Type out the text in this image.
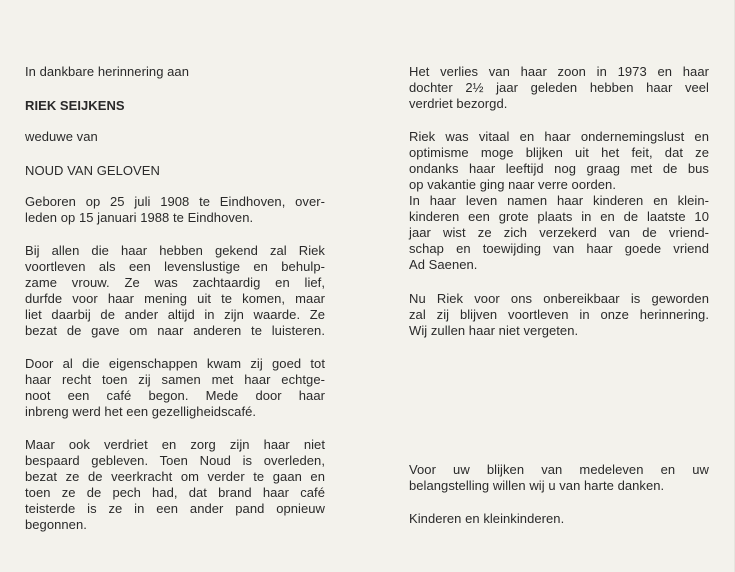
In dankbare herinnering aan
RIEK SEIJKENS
weduwe van
NOUD VAN GELOVEN
Geboren op 25 juli 1908 te Eindhoven, over-
leden op 15 januari 1988 te Eindhoven.
Bij allen die haar hebben gekend zal Riek
voortleven als een levenslustige en behulp-
zame vrouw. Ze was zachtaardig en lief,
durfde voor haar mening uit te komen, maar
liet daarbij de ander altijd in zijn waarde. Ze
bezat de gave om naar anderen te luisteren.
Door al die eigenschappen kwam zij goed tot
haar recht toen zij samen met haar echtge-
noot een café begon. Mede door haar
inbreng werd het een gezelligheidscafé.
Maar ook verdriet en zorg zijn haar niet
bespaard gebleven. Toen Noud is overleden,
bezat ze de veerkracht om verder te gaan en
toen ze de pech had, dat brand haar café
teisterde is ze in een ander pand opnieuw
begonnen.
Het verlies van haar zoon in 1973 en haar
dochter 2½ jaar geleden hebben haar veel
verdriet bezorgd.
Riek was vitaal en haar ondernemingslust en
optimisme moge blijken uit het feit, dat ze
ondanks haar leeftijd nog graag met de bus
op vakantie ging naar verre oorden.
In haar leven namen haar kinderen en klein-
kinderen een grote plaats in en de laatste 10
jaar wist ze zich verzekerd van de vriend-
schap en toewijding van haar goede vriend
Ad Saenen.
Nu Riek voor ons onbereikbaar is geworden
zal zij blijven voortleven in onze herinnering.
Wij zullen haar niet vergeten.
Voor uw blijken van medeleven en uw
belangstelling willen wij u van harte danken.
Kinderen en kleinkinderen.
